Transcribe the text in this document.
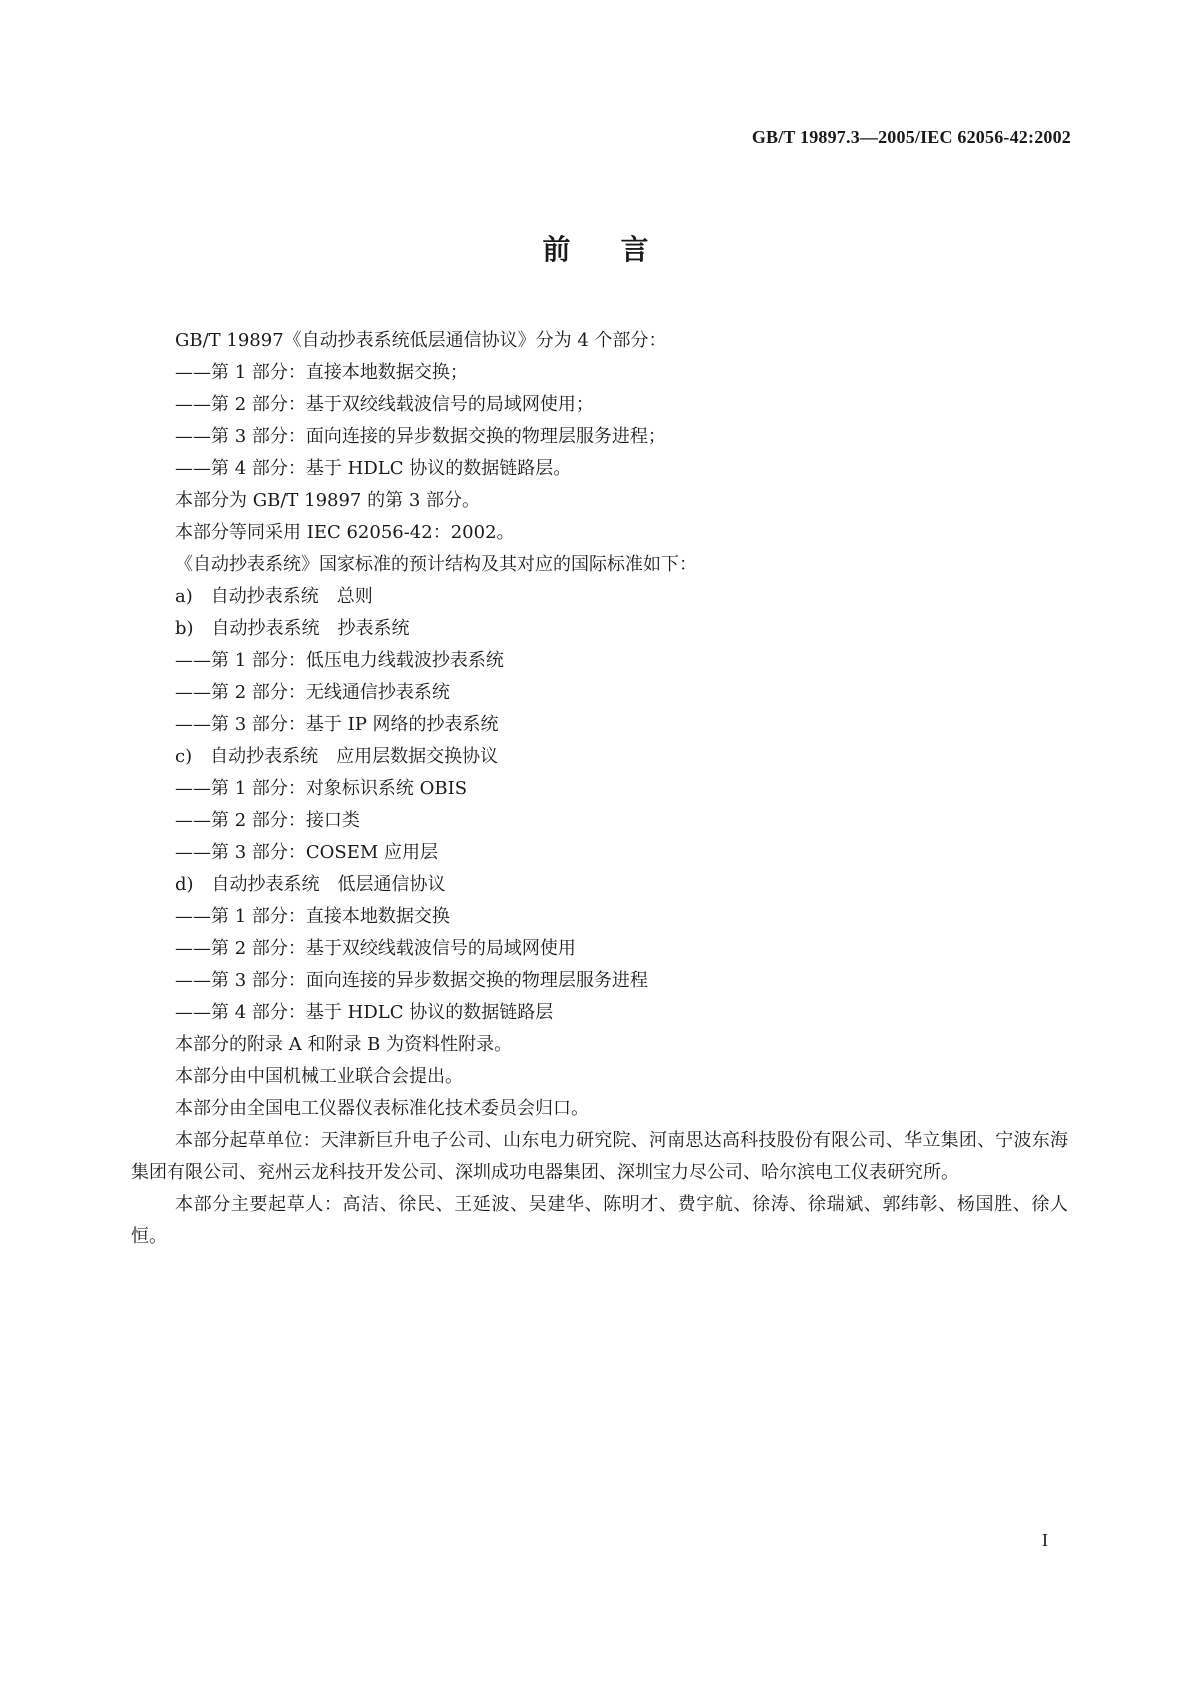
GB/T 19897.3—2005/IEC 62056-42:2002
前言
GB/T 19897《自动抄表系统低层通信协议》分为 4 个部分：
——第 1 部分：直接本地数据交换；
——第 2 部分：基于双绞线载波信号的局域网使用；
——第 3 部分：面向连接的异步数据交换的物理层服务进程；
——第 4 部分：基于 HDLC 协议的数据链路层。
本部分为 GB/T 19897 的第 3 部分。
本部分等同采用 IEC 62056-42：2002。
《自动抄表系统》国家标准的预计结构及其对应的国际标准如下：
a)　自动抄表系统　总则
b)　自动抄表系统　抄表系统
——第 1 部分：低压电力线载波抄表系统
——第 2 部分：无线通信抄表系统
——第 3 部分：基于 IP 网络的抄表系统
c)　自动抄表系统　应用层数据交换协议
——第 1 部分：对象标识系统 OBIS
——第 2 部分：接口类
——第 3 部分：COSEM 应用层
d)　自动抄表系统　低层通信协议
——第 1 部分：直接本地数据交换
——第 2 部分：基于双绞线载波信号的局域网使用
——第 3 部分：面向连接的异步数据交换的物理层服务进程
——第 4 部分：基于 HDLC 协议的数据链路层
本部分的附录 A 和附录 B 为资料性附录。
本部分由中国机械工业联合会提出。
本部分由全国电工仪器仪表标准化技术委员会归口。

本部分起草单位：天津新巨升电子公司、山东电力研究院、河南思达高科技股份有限公司、华立集团、宁波东海集团有限公司、兖州云龙科技开发公司、深圳成功电器集团、深圳宝力尽公司、哈尔滨电工仪表研究所。

本部分主要起草人：高洁、徐民、王延波、吴建华、陈明才、费宇航、徐涛、徐瑞斌、郭纬彰、杨国胜、徐人恒。

I
